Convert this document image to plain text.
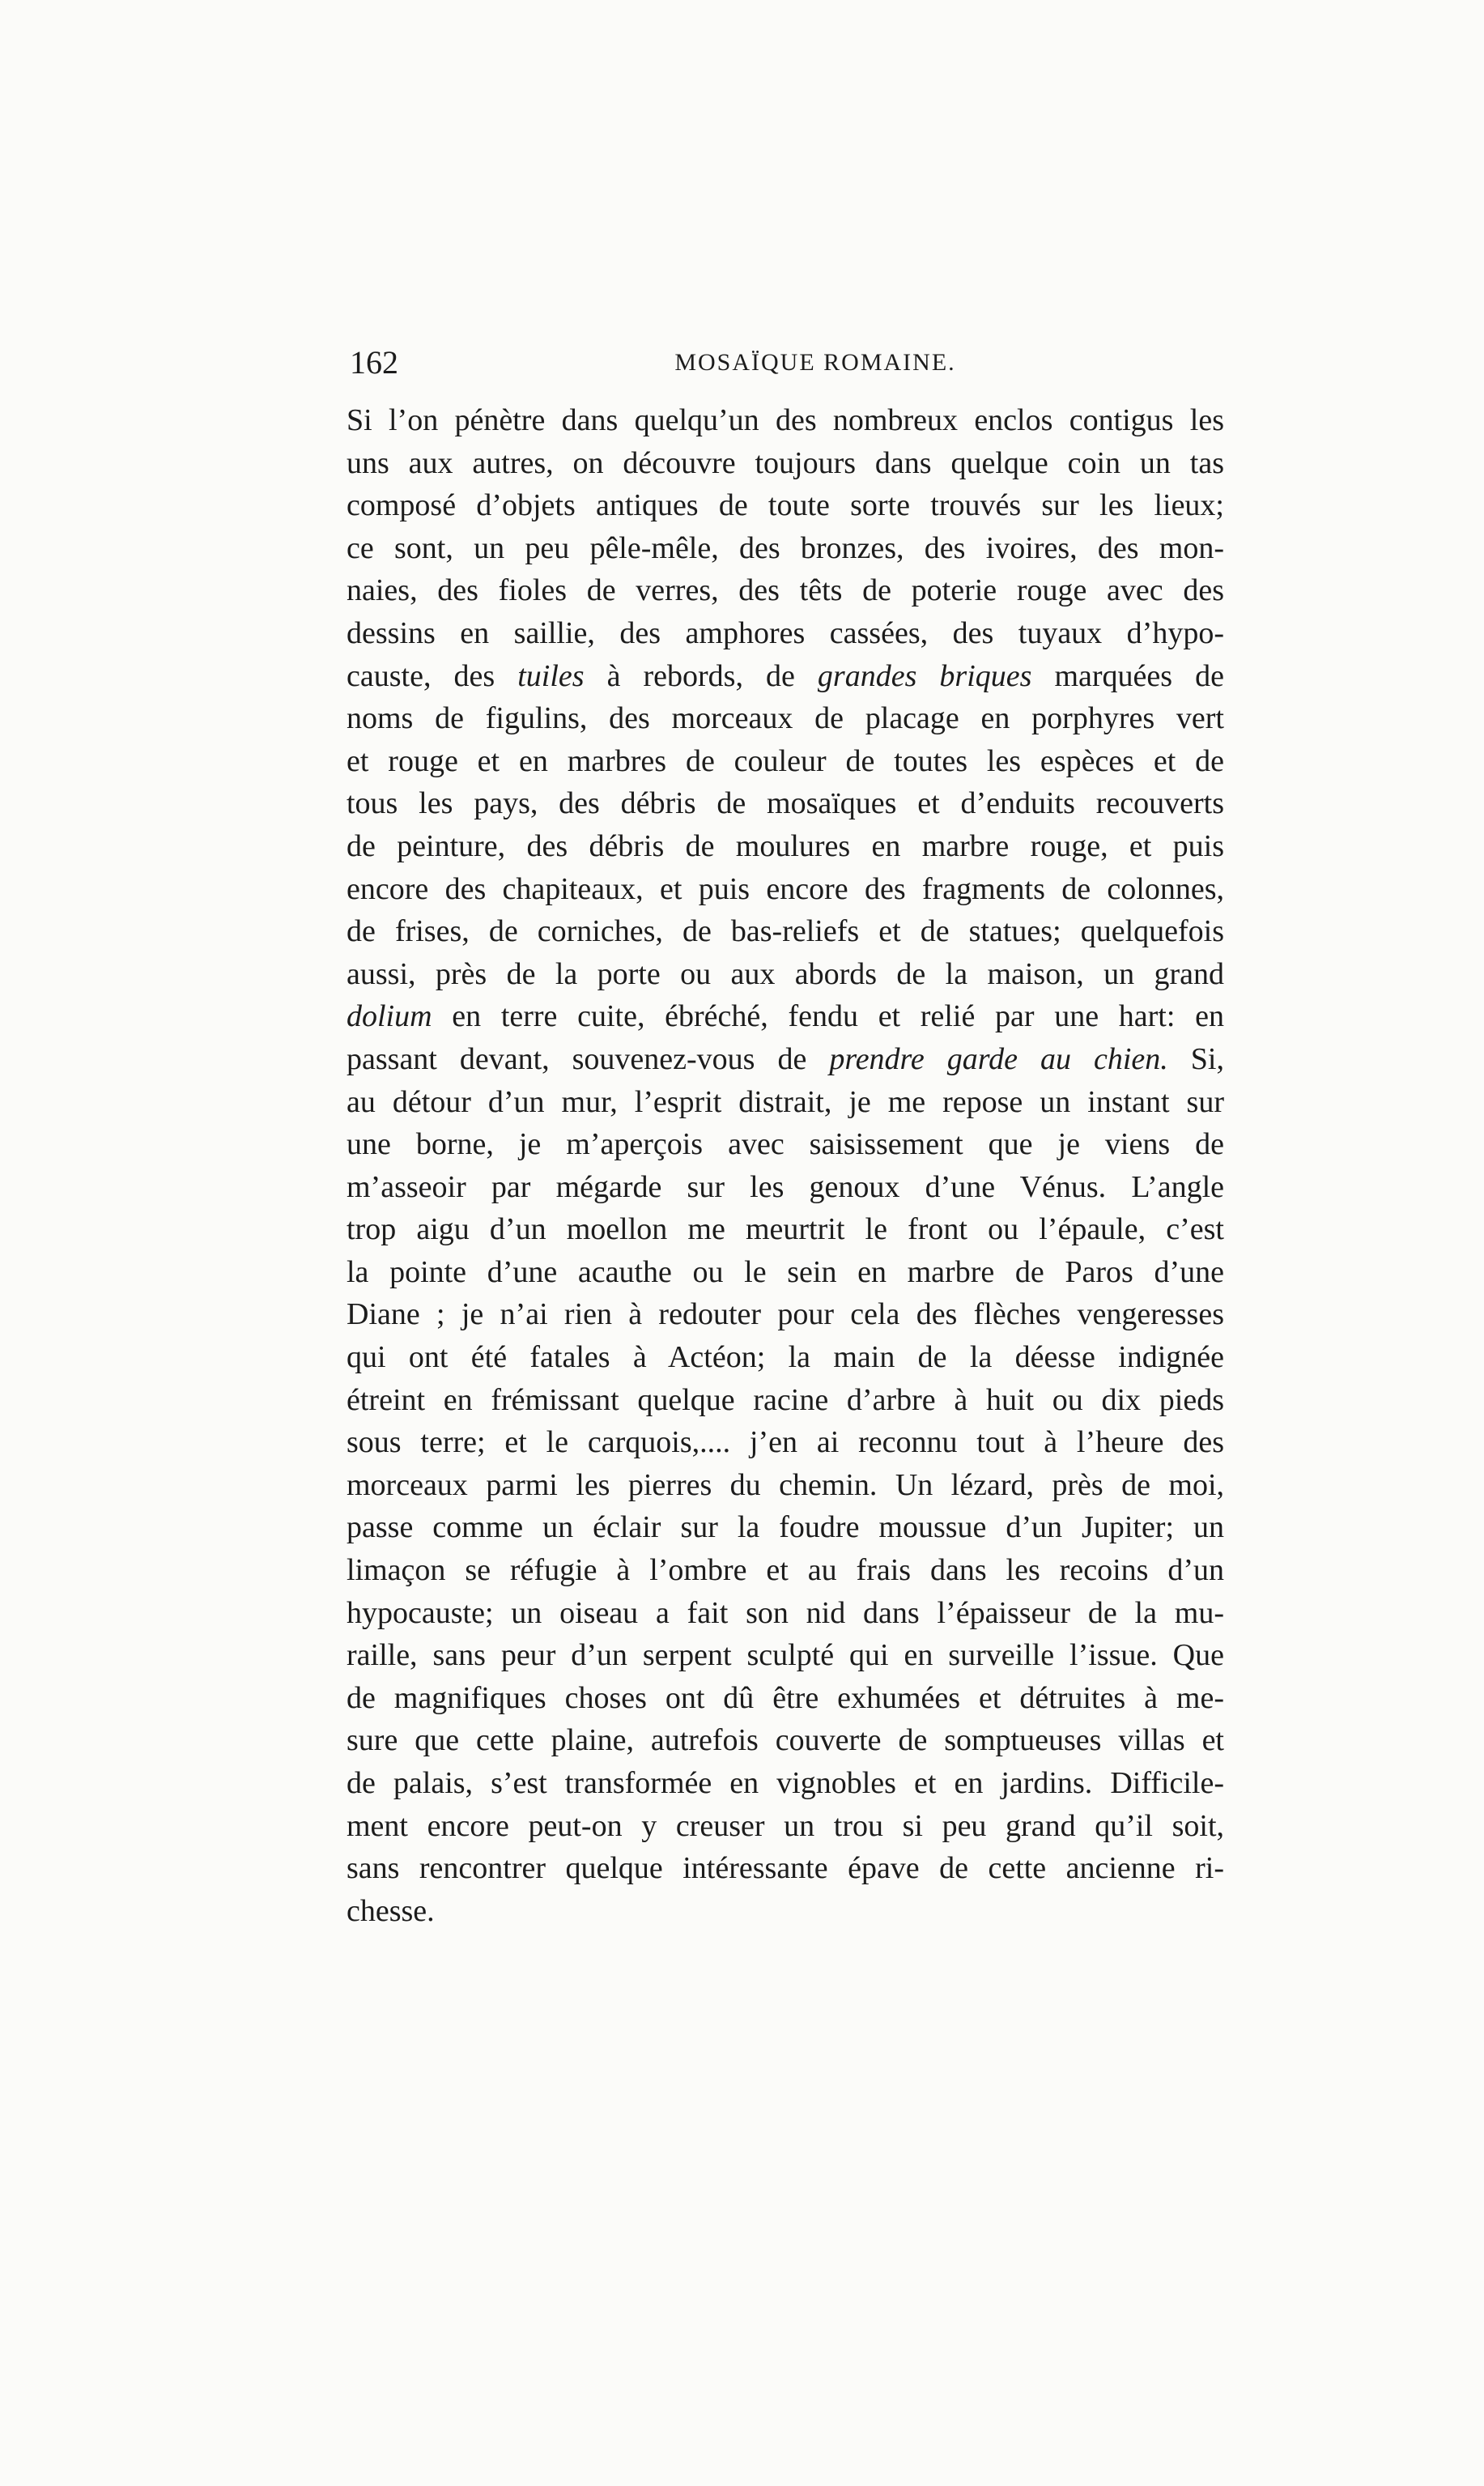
162	MOSAÏQUE ROMAINE.
Si l’on pénètre dans quelqu’un des nombreux enclos contigus les
uns aux autres, on découvre toujours dans quelque coin un tas
composé d’objets antiques de toute sorte trouvés sur les lieux;
ce sont, un peu pêle-mêle, des bronzes, des ivoires, des mon-
naies, des fioles de verres, des têts de poterie rouge avec des
dessins en saillie, des amphores cassées, des tuyaux d’hypo-
causte, des tuiles à rebords, de grandes briques marquées de
noms de figulins, des morceaux de placage en porphyres vert
et rouge et en marbres de couleur de toutes les espèces et de
tous les pays, des débris de mosaïques et d’enduits recouverts
de peinture, des débris de moulures en marbre rouge, et puis
encore des chapiteaux, et puis encore des fragments de colonnes,
de frises, de corniches, de bas-reliefs et de statues; quelquefois
aussi, près de la porte ou aux abords de la maison, un grand
dolium en terre cuite, ébréché, fendu et relié par une hart: en
passant devant, souvenez-vous de prendre garde au chien. Si,
au détour d’un mur, l’esprit distrait, je me repose un instant sur
une borne, je m’aperçois avec saisissement que je viens de
m’asseoir par mégarde sur les genoux d’une Vénus. L’angle
trop aigu d’un moellon me meurtrit le front ou l’épaule, c’est
la pointe d’une acauthe ou le sein en marbre de Paros d’une
Diane ; je n’ai rien à redouter pour cela des flèches vengeresses
qui ont été fatales à Actéon; la main de la déesse indignée
étreint en frémissant quelque racine d’arbre à huit ou dix pieds
sous terre; et le carquois,.... j’en ai reconnu tout à l’heure des
morceaux parmi les pierres du chemin. Un lézard, près de moi,
passe comme un éclair sur la foudre moussue d’un Jupiter; un
limaçon se réfugie à l’ombre et au frais dans les recoins d’un
hypocauste; un oiseau a fait son nid dans l’épaisseur de la mu-
raille, sans peur d’un serpent sculpté qui en surveille l’issue. Que
de magnifiques choses ont dû être exhumées et détruites à me-
sure que cette plaine, autrefois couverte de somptueuses villas et
de palais, s’est transformée en vignobles et en jardins. Difficile-
ment encore peut-on y creuser un trou si peu grand qu’il soit,
sans rencontrer quelque intéressante épave de cette ancienne ri-
chesse.
